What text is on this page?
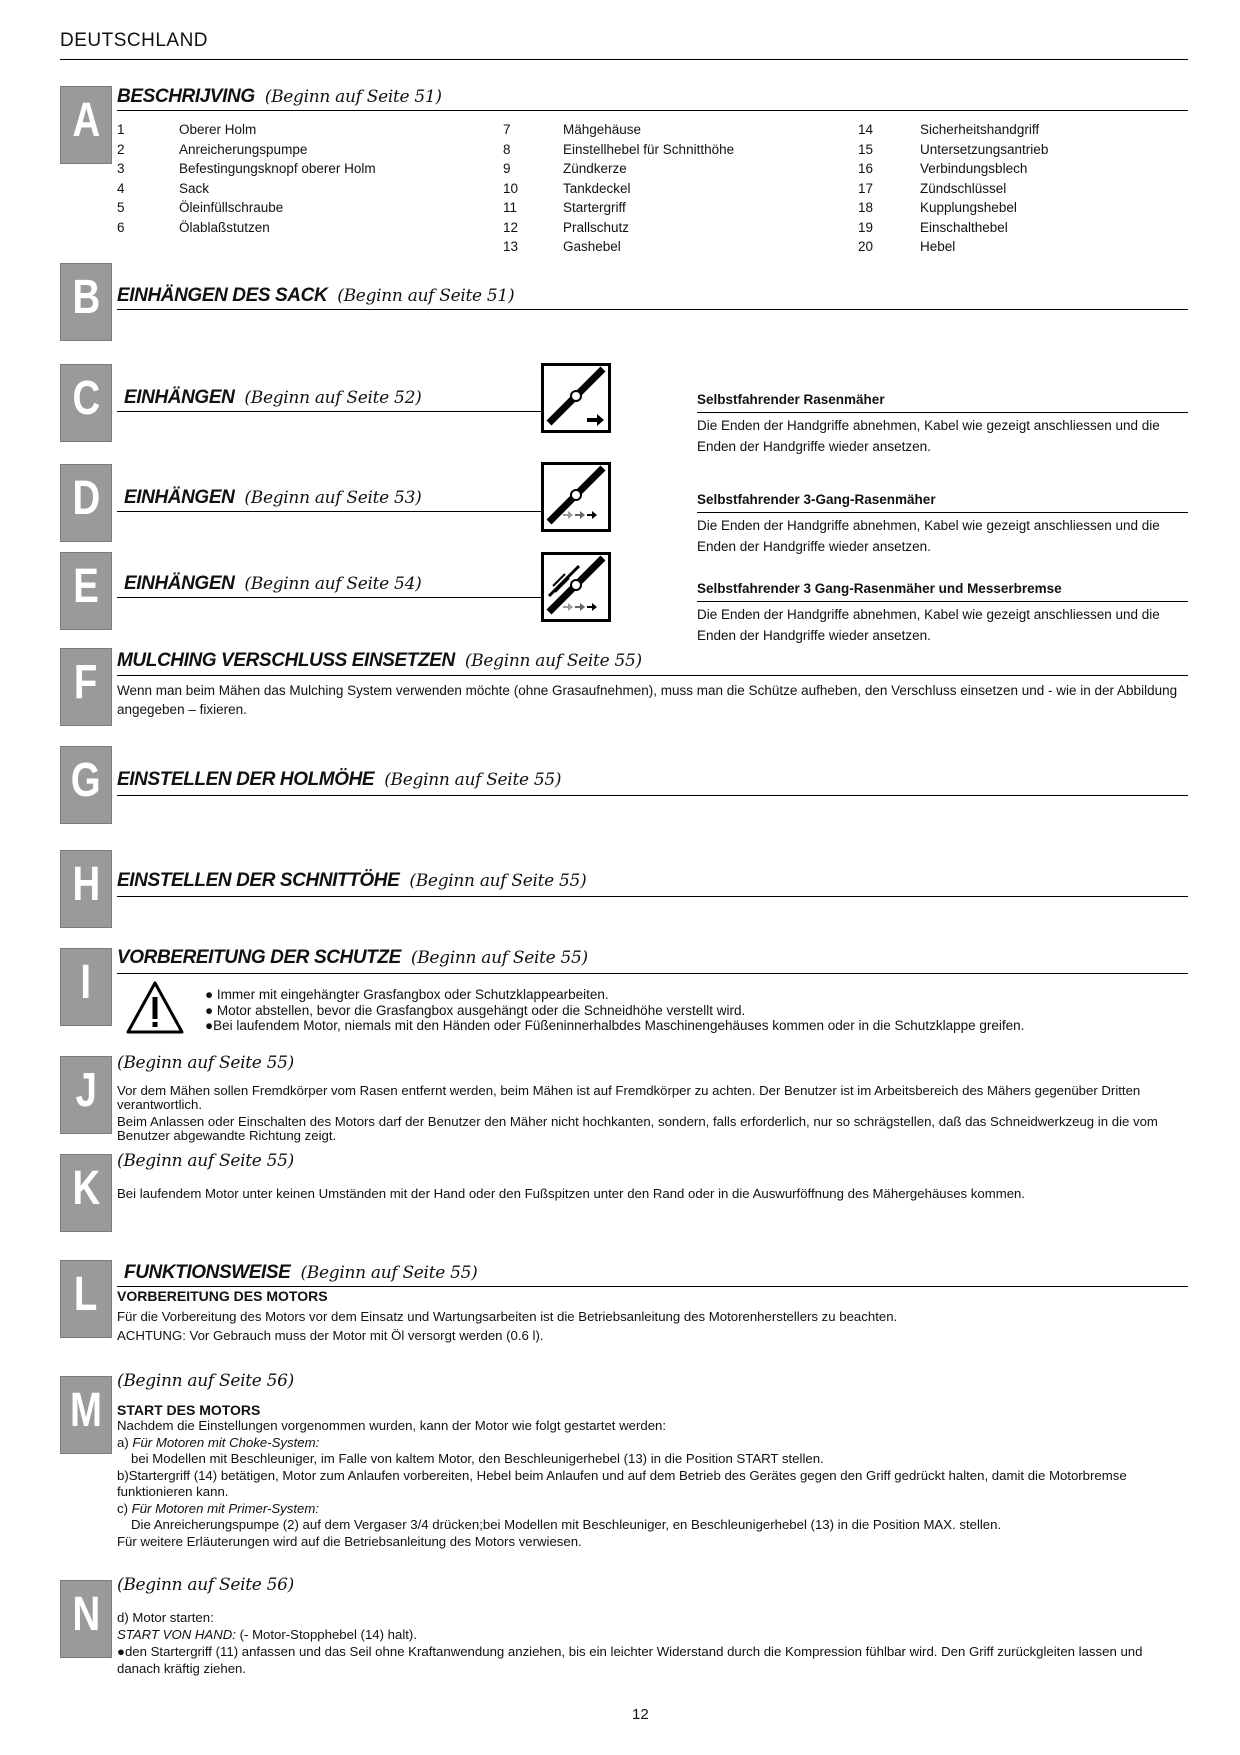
DEUTSCHLAND
A BESCHRIJVING (Beginn auf Seite 51)
1	Oberer Holm
2	Anreicherungspumpe
3	Befestingungsknopf oberer Holm
4	Sack
5	Öleinfüllschraube
6	Ölablaßstutzen
7	Mähgehäuse
8	Einstellhebel für Schnitthöhe
9	Zündkerze
10	Tankdeckel
11	Startergriff
12	Prallschutz
13	Gashebel
14	Sicherheitshandgriff
15	Untersetzungsantrieb
16	Verbindungsblech
17	Zündschlüssel
18	Kupplungshebel
19	Einschalthebel
20	Hebel
B EINHÄNGEN DES SACK (Beginn auf Seite 51)
C EINHÄNGEN (Beginn auf Seite 52)	Selbstfahrender Rasenmäher
Die Enden der Handgriffe abnehmen, Kabel wie gezeigt anschliessen und die Enden der Handgriffe wieder ansetzen.
D EINHÄNGEN (Beginn auf Seite 53)	Selbstfahrender 3-Gang-Rasenmäher
Die Enden der Handgriffe abnehmen, Kabel wie gezeigt anschliessen und die Enden der Handgriffe wieder ansetzen.
E EINHÄNGEN (Beginn auf Seite 54)	Selbstfahrender 3 Gang-Rasenmäher und Messerbremse
Die Enden der Handgriffe abnehmen, Kabel wie gezeigt anschliessen und die Enden der Handgriffe wieder ansetzen.
F MULCHING VERSCHLUSS EINSETZEN (Beginn auf Seite 55)
Wenn man beim Mähen das Mulching System verwenden möchte (ohne Grasaufnehmen), muss man die Schütze aufheben, den Verschluss einsetzen und - wie in der Abbildung angegeben – fixieren.
G EINSTELLEN DER HOLMÖHE (Beginn auf Seite 55)
H EINSTELLEN DER SCHNITTÖHE (Beginn auf Seite 55)
I VORBEREITUNG DER SCHUTZE (Beginn auf Seite 55)
● Immer mit eingehängter Grasfangbox oder Schutzklappearbeiten.
● Motor abstellen, bevor die Grasfangbox ausgehängt oder die Schneidhöhe verstellt wird.
●Bei laufendem Motor, niemals mit den Händen oder Füßeninnerhalbdes Maschinengehäuses kommen oder in die Schutzklappe greifen.
J
(Beginn auf Seite 55)
Vor dem Mähen sollen Fremdkörper vom Rasen entfernt werden, beim Mähen ist auf Fremdkörper zu achten. Der Benutzer ist im Arbeitsbereich des Mähers gegenüber Dritten verantwortlich.
Beim Anlassen oder Einschalten des Motors darf der Benutzer den Mäher nicht hochkanten, sondern, falls erforderlich, nur so schrägstellen, daß das Schneidwerkzeug in die vom Benutzer abgewandte Richtung zeigt.
K
(Beginn auf Seite 55)
Bei laufendem Motor unter keinen Umständen mit der Hand oder den Fußspitzen unter den Rand oder in die Auswurföffnung des Mähergehäuses kommen.
L FUNKTIONSWEISE (Beginn auf Seite 55)
VORBEREITUNG DES MOTORS
Für die Vorbereitung des Motors vor dem Einsatz und Wartungsarbeiten ist die Betriebsanleitung des Motorenherstellers zu beachten.
ACHTUNG: Vor Gebrauch muss der Motor mit Öl versorgt werden (0.6 l).
M
(Beginn auf Seite 56)
START DES MOTORS
Nachdem die Einstellungen vorgenommen wurden, kann der Motor wie folgt gestartet werden:
a) Für Motoren mit Choke-System:
bei Modellen mit Beschleuniger, im Falle von kaltem Motor, den Beschleunigerhebel (13) in die Position START stellen.
b)Startergriff (14) betätigen, Motor zum Anlaufen vorbereiten, Hebel beim Anlaufen und auf dem Betrieb des Gerätes gegen den Griff gedrückt halten, damit die Motorbremse funktionieren kann.
c) Für Motoren mit Primer-System:
Die Anreicherungspumpe (2) auf dem Vergaser 3/4 drücken;bei Modellen mit Beschleuniger, en Beschleunigerhebel (13) in die Position MAX. stellen.
Für weitere Erläuterungen wird auf die Betriebsanleitung des Motors verwiesen.
N
(Beginn auf Seite 56)
d) Motor starten:
START VON HAND: (- Motor-Stopphebel (14) halt).
●den Startergriff (11) anfassen und das Seil ohne Kraftanwendung anziehen, bis ein leichter Widerstand durch die Kompression fühlbar wird. Den Griff zurückgleiten lassen und danach kräftig ziehen.
12
